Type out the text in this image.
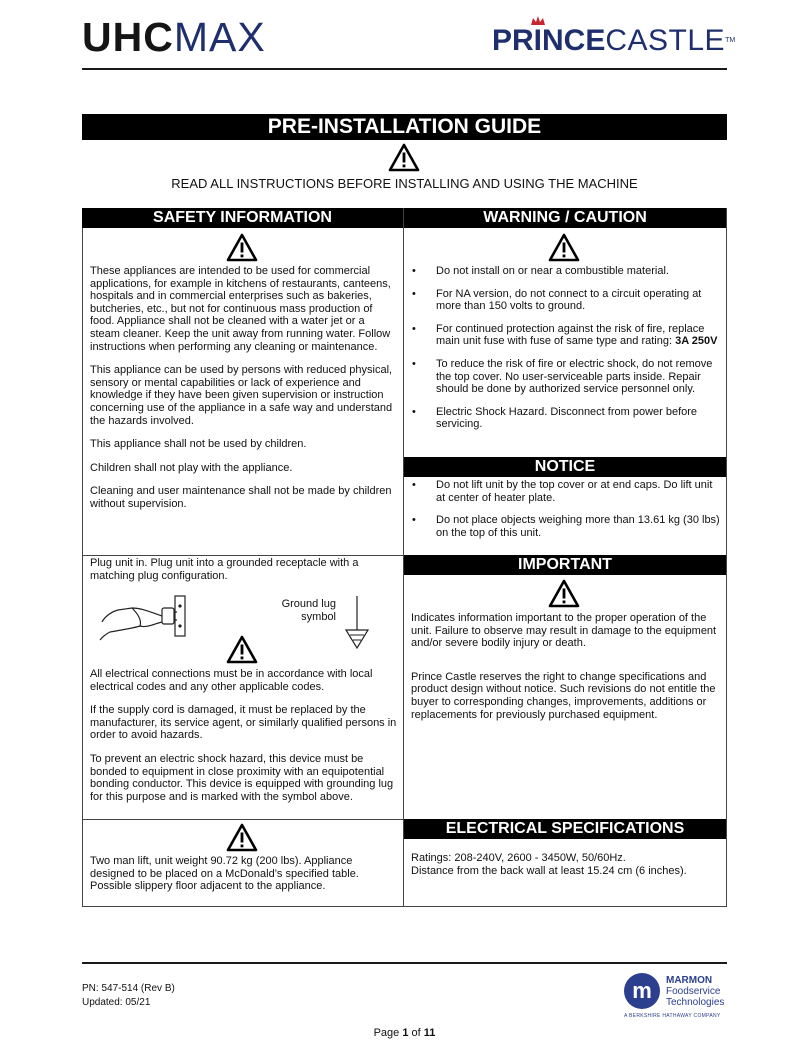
UHCMAX	PRINCECASTLE™
PRE-INSTALLATION GUIDE
READ ALL INSTRUCTIONS BEFORE INSTALLING AND USING THE MACHINE
SAFETY INFORMATION

These appliances are intended to be used for commercial applications, for example in kitchens of restaurants, canteens, hospitals and in commercial enterprises such as bakeries, butcheries, etc., but not for continuous mass production of food. Appliance shall not be cleaned with a water jet or a steam cleaner. Keep the unit away from running water. Follow instructions when performing any cleaning or maintenance.

This appliance can be used by persons with reduced physical, sensory or mental capabilities or lack of experience and knowledge if they have been given supervision or instruction concerning use of the appliance in a safe way and understand the hazards involved.

This appliance shall not be used by children.

Children shall not play with the appliance.

Cleaning and user maintenance shall not be made by children without supervision.

WARNING / CAUTION
• Do not install on or near a combustible material.
• For NA version, do not connect to a circuit operating at more than 150 volts to ground.
• For continued protection against the risk of fire, replace main unit fuse with fuse of same type and rating: 3A 250V
• To reduce the risk of fire or electric shock, do not remove the top cover. No user-serviceable parts inside. Repair should be done by authorized service personnel only.
• Electric Shock Hazard. Disconnect from power before servicing.
NOTICE
• Do not lift unit by the top cover or at end caps. Do lift unit at center of heater plate.
• Do not place objects weighing more than 13.61 kg (30 lbs) on the top of this unit.
Plug unit in. Plug unit into a grounded receptacle with a matching plug configuration.
Ground lug
symbol

All electrical connections must be in accordance with local electrical codes and any other applicable codes.

If the supply cord is damaged, it must be replaced by the manufacturer, its service agent, or similarly qualified persons in order to avoid hazards.

To prevent an electric shock hazard, this device must be bonded to equipment in close proximity with an equipotential bonding conductor. This device is equipped with grounding lug for this purpose and is marked with the symbol above.

IMPORTANT

Indicates information important to the proper operation of the unit. Failure to observe may result in damage to the equipment and/or severe bodily injury or death.

Prince Castle reserves the right to change specifications and product design without notice. Such revisions do not entitle the buyer to corresponding changes, improvements, additions or replacements for previously purchased equipment.

Two man lift, unit weight 90.72 kg (200 lbs). Appliance designed to be placed on a McDonald’s specified table. Possible slippery floor adjacent to the appliance.
ELECTRICAL SPECIFICATIONS
Ratings: 208-240V, 2600 - 3450W, 50/60Hz.
Distance from the back wall at least 15.24 cm (6 inches).
PN: 547-514 (Rev B)
Updated: 05/21	m	MARMON
Foodservice
Technologies
A BERKSHIRE HATHAWAY COMPANY
Page 1 of 11
